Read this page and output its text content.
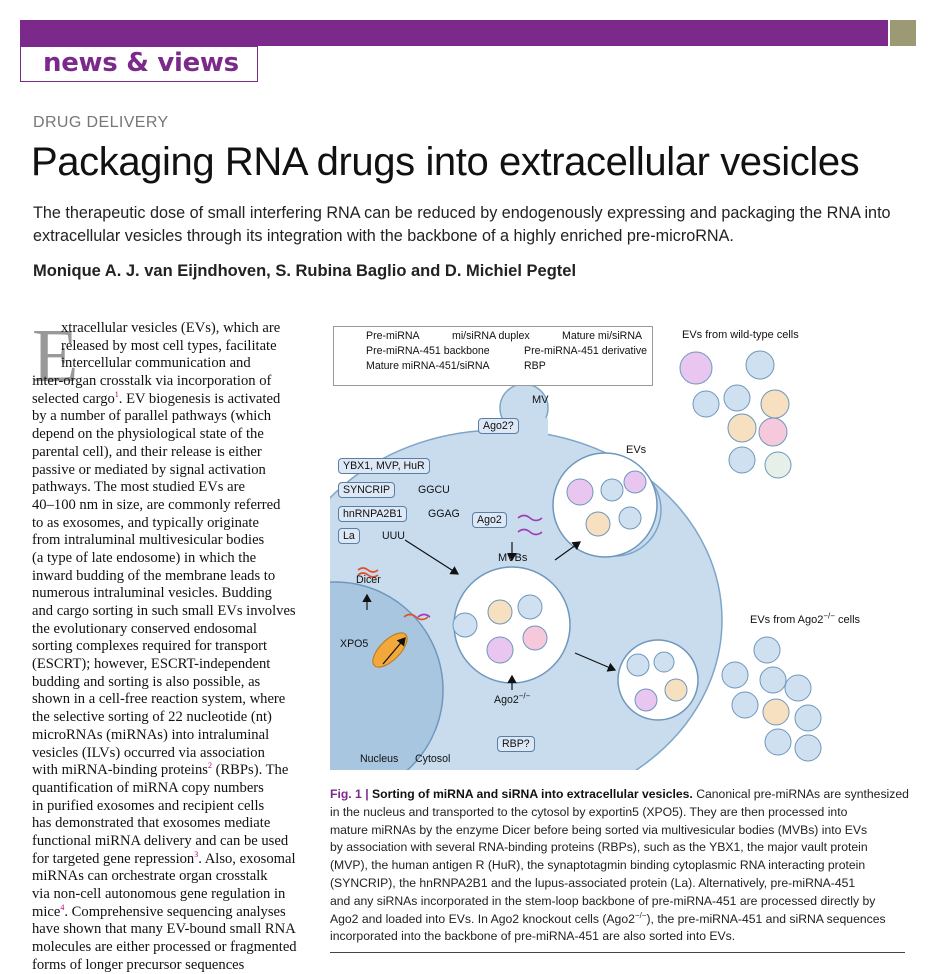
news & views
DRUG DELIVERY
Packaging RNA drugs into extracellular vesicles
The therapeutic dose of small interfering RNA can be reduced by endogenously expressing and packaging the RNA into extracellular vesicles through its integration with the backbone of a highly enriched pre-microRNA.
Monique A. J. van Eijndhoven, S. Rubina Baglio and D. Michiel Pegtel
E
xtracellular vesicles (EVs), which are
released by most cell types, facilitate
intercellular communication and
inter-organ crosstalk via incorporation of
selected cargo$^1$. EV biogenesis is activated
by a number of parallel pathways (which
depend on the physiological state of the
parental cell), and their release is either
passive or mediated by signal activation
pathways. The most studied EVs are
40–100 nm in size, are commonly referred
to as exosomes, and typically originate
from intraluminal multivesicular bodies
(a type of late endosome) in which the
inward budding of the membrane leads to
numerous intraluminal vesicles. Budding
and cargo sorting in such small EVs involves
the evolutionary conserved endosomal
sorting complexes required for transport
(ESCRT); however, ESCRT-independent
budding and sorting is also possible, as
shown in a cell-free reaction system, where
the selective sorting of 22 nucleotide (nt)
microRNAs (miRNAs) into intraluminal
vesicles (ILVs) occurred via association
with miRNA-binding proteins$^2$ (RBPs). The
quantification of miRNA copy numbers
in purified exosomes and recipient cells
has demonstrated that exosomes mediate
functional miRNA delivery and can be used
for targeted gene repression$^3$. Also, exosomal
miRNAs can orchestrate organ crosstalk
via non-cell autonomous gene regulation in
mice$^4$. Comprehensive sequencing analyses
have shown that many EV-bound small RNA
molecules are either processed or fragmented
forms of longer precursor sequences
Pre-miRNA	mi/siRNA duplex	Mature mi/siRNA
Pre-miRNA-451 backbone	Pre-miRNA-451 derivative
Mature miRNA-451/siRNA	RBP
MV
Ago2?
EVs
EVs from wild-type cells
EVs from Ago2−/− cells
YBX1, MVP, HuR
SYNCRIP	GGCU
hnRNPA2B1	GGAG
La	UUU
Ago2
Dicer
MVBs
XPO5
Ago2−/−
RBP?
Nucleus Cytosol
Fig. 1 | Sorting of miRNA and siRNA into extracellular vesicles. Canonical pre-miRNAs are synthesized
in the nucleus and transported to the cytosol by exportin5 (XPO5). They are then processed into
mature miRNAs by the enzyme Dicer before being sorted via multivesicular bodies (MVBs) into EVs
by association with several RNA-binding proteins (RBPs), such as the YBX1, the major vault protein
(MVP), the human antigen R (HuR), the synaptotagmin binding cytoplasmic RNA interacting protein
(SYNCRIP), the hnRNPA2B1 and the lupus-associated protein (La). Alternatively, pre-miRNA-451
and any siRNAs incorporated in the stem-loop backbone of pre-miRNA-451 are processed directly by
Ago2 and loaded into EVs. In Ago2 knockout cells (Ago2−/−), the pre-miRNA-451 and siRNA sequences
incorporated into the backbone of pre-miRNA-451 are also sorted into EVs.
